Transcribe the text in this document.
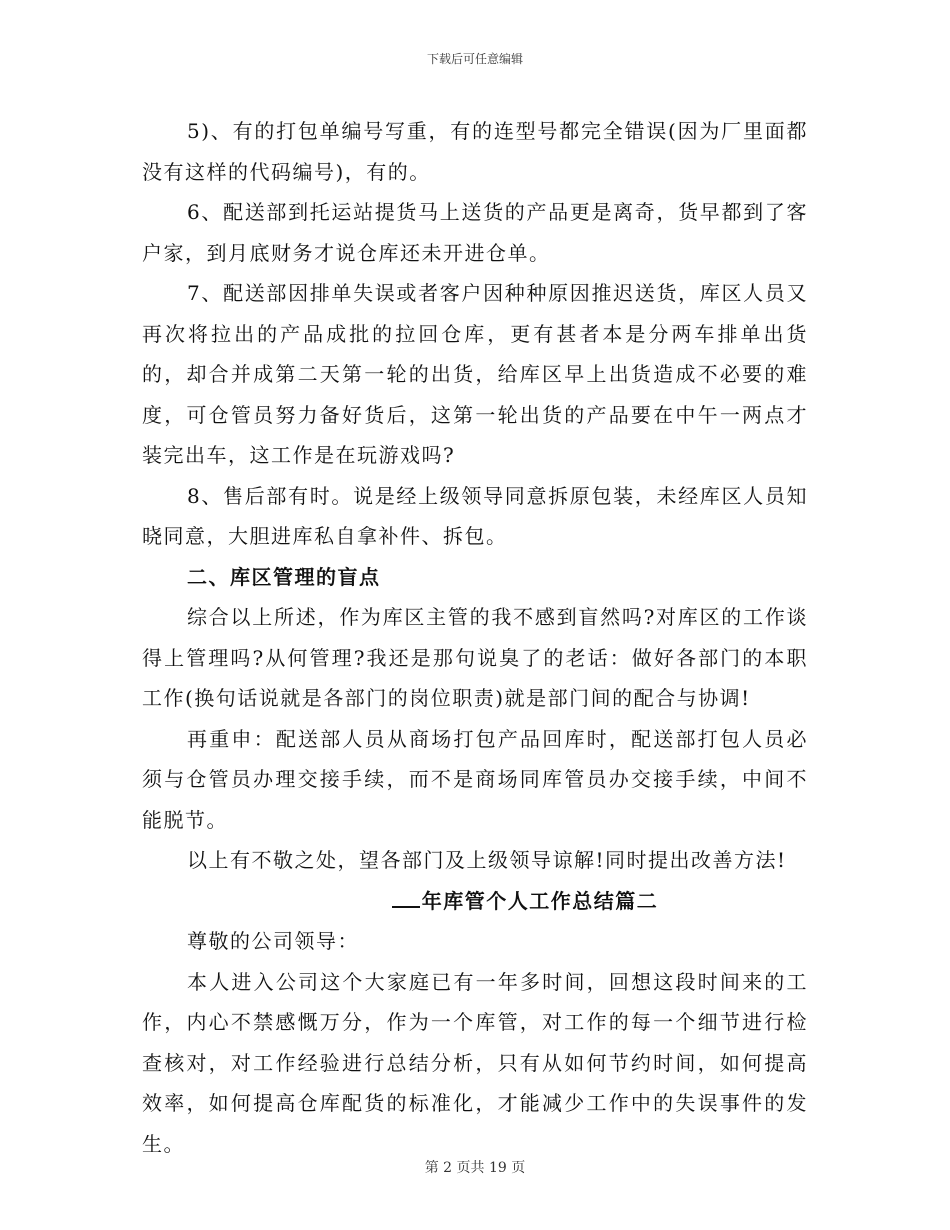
下载后可任意编辑

5)、有的打包单编号写重，有的连型号都完全错误(因为厂里面都没有这样的代码编号)，有的。

6、配送部到托运站提货马上送货的产品更是离奇，货早都到了客户家，到月底财务才说仓库还未开进仓单。

7、配送部因排单失误或者客户因种种原因推迟送货，库区人员又再次将拉出的产品成批的拉回仓库，更有甚者本是分两车排单出货的，却合并成第二天第一轮的出货，给库区早上出货造成不必要的难度，可仓管员努力备好货后，这第一轮出货的产品要在中午一两点才装完出车，这工作是在玩游戏吗?

8、售后部有时。说是经上级领导同意拆原包装，未经库区人员知晓同意，大胆进库私自拿补件、拆包。

二、库区管理的盲点

综合以上所述，作为库区主管的我不感到盲然吗?对库区的工作谈得上管理吗?从何管理?我还是那句说臭了的老话：做好各部门的本职工作(换句话说就是各部门的岗位职责)就是部门间的配合与协调!

再重申：配送部人员从商场打包产品回库时，配送部打包人员必须与仓管员办理交接手续，而不是商场同库管员办交接手续，中间不能脱节。

以上有不敬之处，望各部门及上级领导谅解!同时提出改善方法!

年库管个人工作总结篇二

尊敬的公司领导：

本人进入公司这个大家庭已有一年多时间，回想这段时间来的工作，内心不禁感慨万分，作为一个库管，对工作的每一个细节进行检查核对，对工作经验进行总结分析，只有从如何节约时间，如何提高效率，如何提高仓库配货的标准化，才能减少工作中的失误事件的发生。

第 2 页共 19 页
